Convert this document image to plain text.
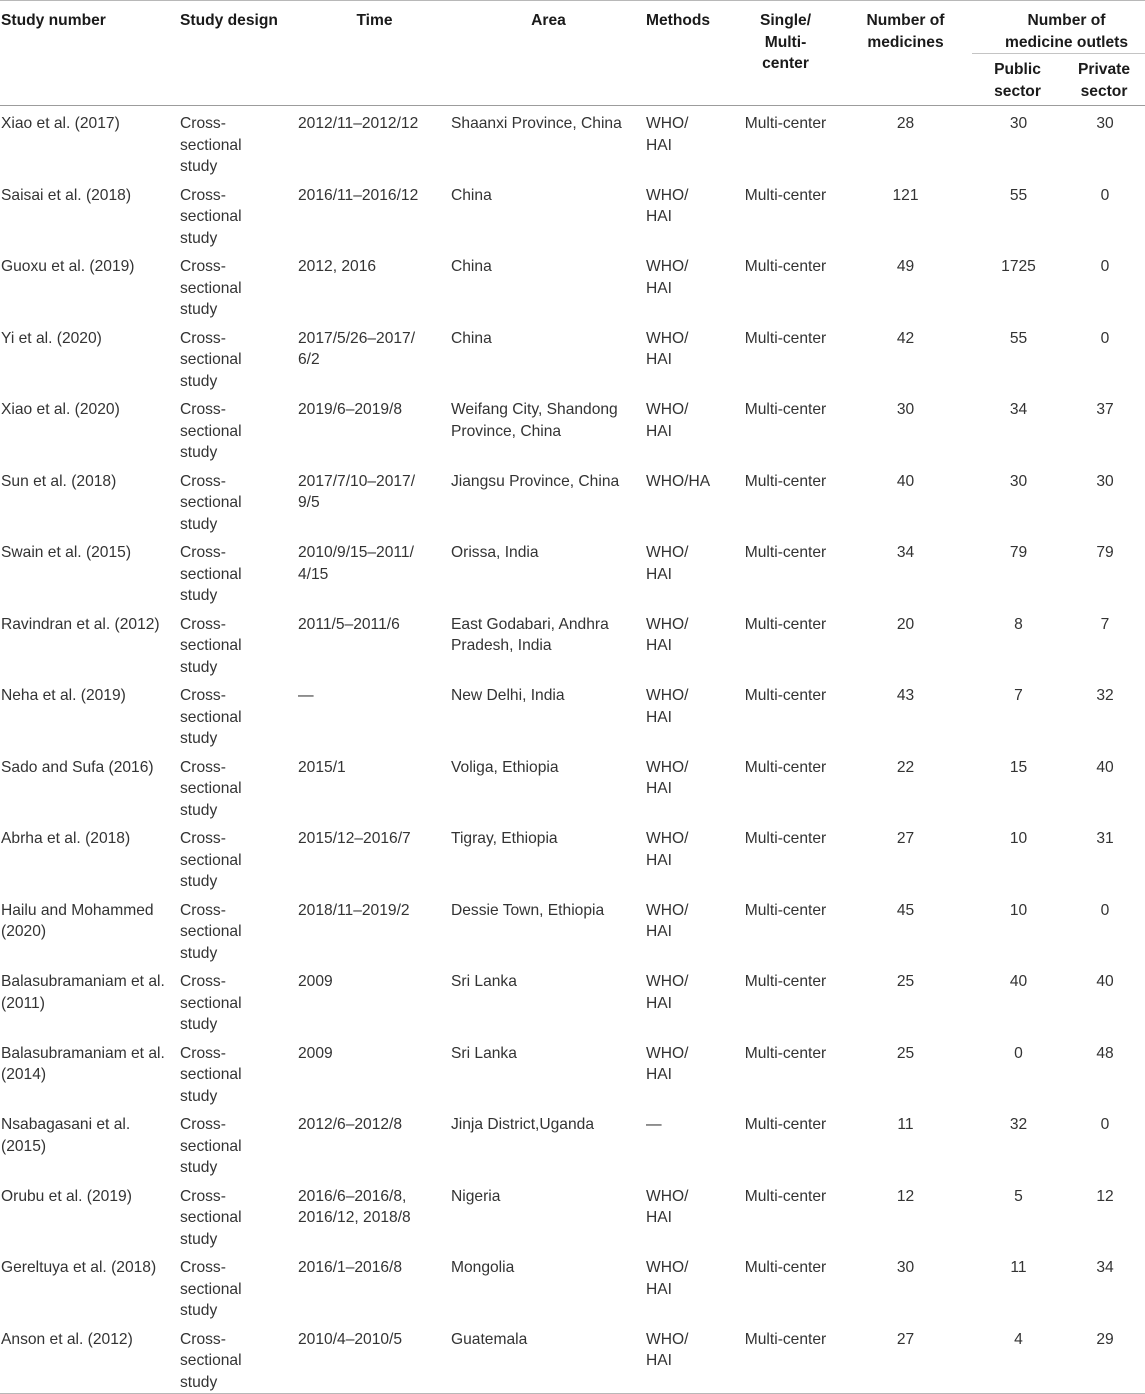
Study number	Study design	Time	Area	Methods	Single/ Multi- center	Number of medicines	Number of medicine outlets	
							Public sector	Private sector
Xiao et al. (2017)	Cross-sectional study	2012/11–2012/12	Shaanxi Province, China	WHO/ HAI	Multi-center	28	30	30
Saisai et al. (2018)	Cross-sectional study	2016/11–2016/12	China	WHO/ HAI	Multi-center	121	55	0
Guoxu et al. (2019)	Cross-sectional study	2012, 2016	China	WHO/ HAI	Multi-center	49	1725	0
Yi et al. (2020)	Cross-sectional study	2017/5/26–2017/ 6/2	China	WHO/ HAI	Multi-center	42	55	0
Xiao et al. (2020)	Cross-sectional study	2019/6–2019/8	Weifang City, Shandong Province, China	WHO/ HAI	Multi-center	30	34	37
Sun et al. (2018)	Cross-sectional study	2017/7/10–2017/ 9/5	Jiangsu Province, China	WHO/HA	Multi-center	40	30	30
Swain et al. (2015)	Cross-sectional study	2010/9/15–2011/ 4/15	Orissa, India	WHO/ HAI	Multi-center	34	79	79
Ravindran et al. (2012)	Cross-sectional study	2011/5–2011/6	East Godabari, Andhra Pradesh, India	WHO/ HAI	Multi-center	20	8	7
Neha et al. (2019)	Cross-sectional study	—	New Delhi, India	WHO/ HAI	Multi-center	43	7	32
Sado and Sufa (2016)	Cross-sectional study	2015/1	Voliga, Ethiopia	WHO/ HAI	Multi-center	22	15	40
Abrha et al. (2018)	Cross-sectional study	2015/12–2016/7	Tigray, Ethiopia	WHO/ HAI	Multi-center	27	10	31
Hailu and Mohammed (2020)	Cross-sectional study	2018/11–2019/2	Dessie Town, Ethiopia	WHO/ HAI	Multi-center	45	10	0
Balasubramaniam et al. (2011)	Cross-sectional study	2009	Sri Lanka	WHO/ HAI	Multi-center	25	40	40
Balasubramaniam et al. (2014)	Cross-sectional study	2009	Sri Lanka	WHO/ HAI	Multi-center	25	0	48
Nsabagasani et al. (2015)	Cross-sectional study	2012/6–2012/8	Jinja District,Uganda	—	Multi-center	11	32	0
Orubu et al. (2019)	Cross-sectional study	2016/6–2016/8, 2016/12, 2018/8	Nigeria	WHO/ HAI	Multi-center	12	5	12
Gereltuya et al. (2018)	Cross-sectional study	2016/1–2016/8	Mongolia	WHO/ HAI	Multi-center	30	11	34
Anson et al. (2012)	Cross-sectional study	2010/4–2010/5	Guatemala	WHO/ HAI	Multi-center	27	4	29
